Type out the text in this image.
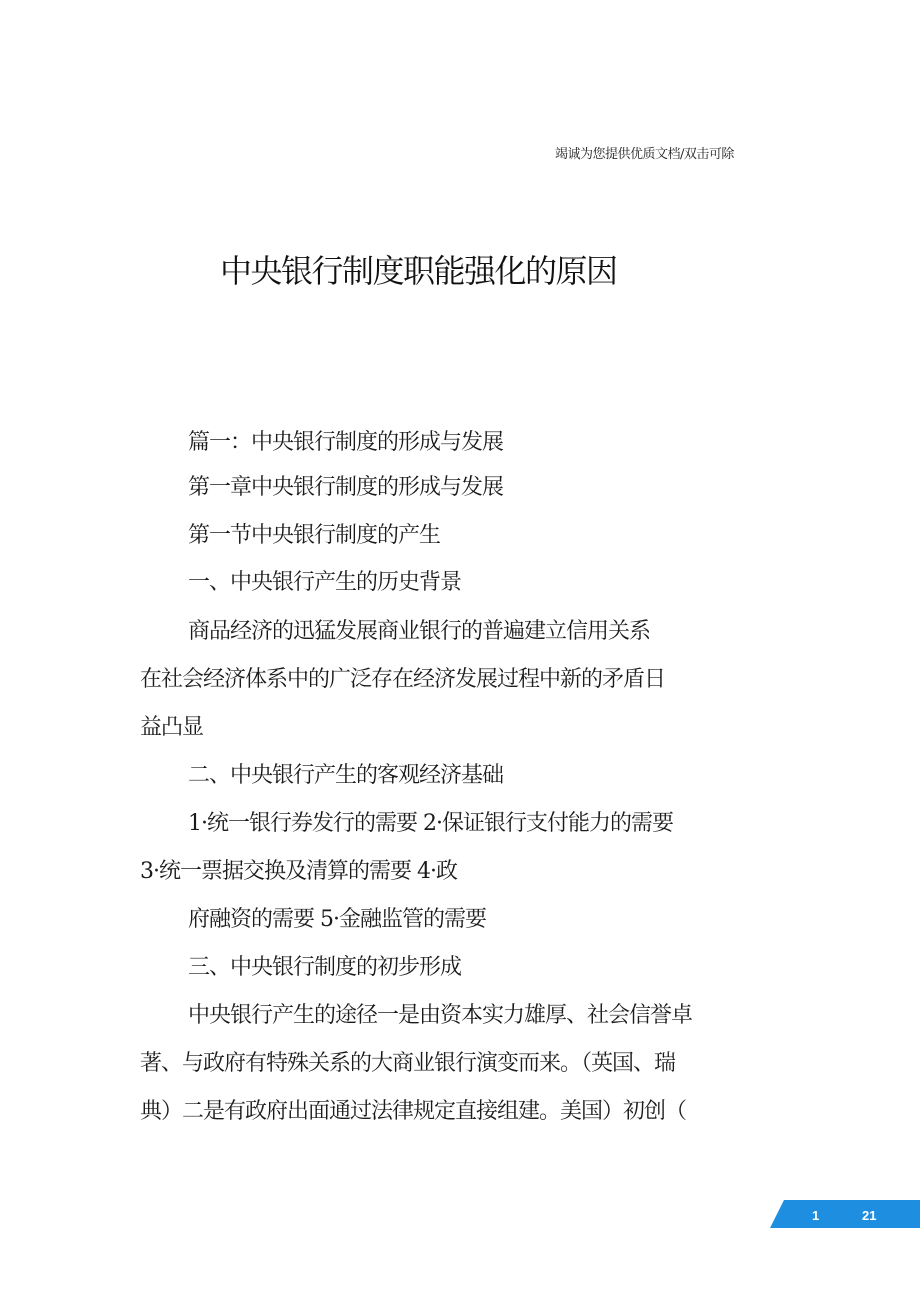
竭诚为您提供优质文档/双击可除
中央银行制度职能强化的原因
篇一：中央银行制度的形成与发展
第一章中央银行制度的形成与发展
第一节中央银行制度的产生
一、中央银行产生的历史背景
商品经济的迅猛发展商业银行的普遍建立信用关系
在社会经济体系中的广泛存在经济发展过程中新的矛盾日
益凸显
二、中央银行产生的客观经济基础
1·统一银行券发行的需要 2·保证银行支付能力的需要
3·统一票据交换及清算的需要 4·政
府融资的需要 5·金融监管的需要
三、中央银行制度的初步形成
中央银行产生的途径一是由资本实力雄厚、社会信誉卓
著、与政府有特殊关系的大商业银行演变而来。（英国、瑞
典）二是有政府出面通过法律规定直接组建。美国）初创（
1	21
